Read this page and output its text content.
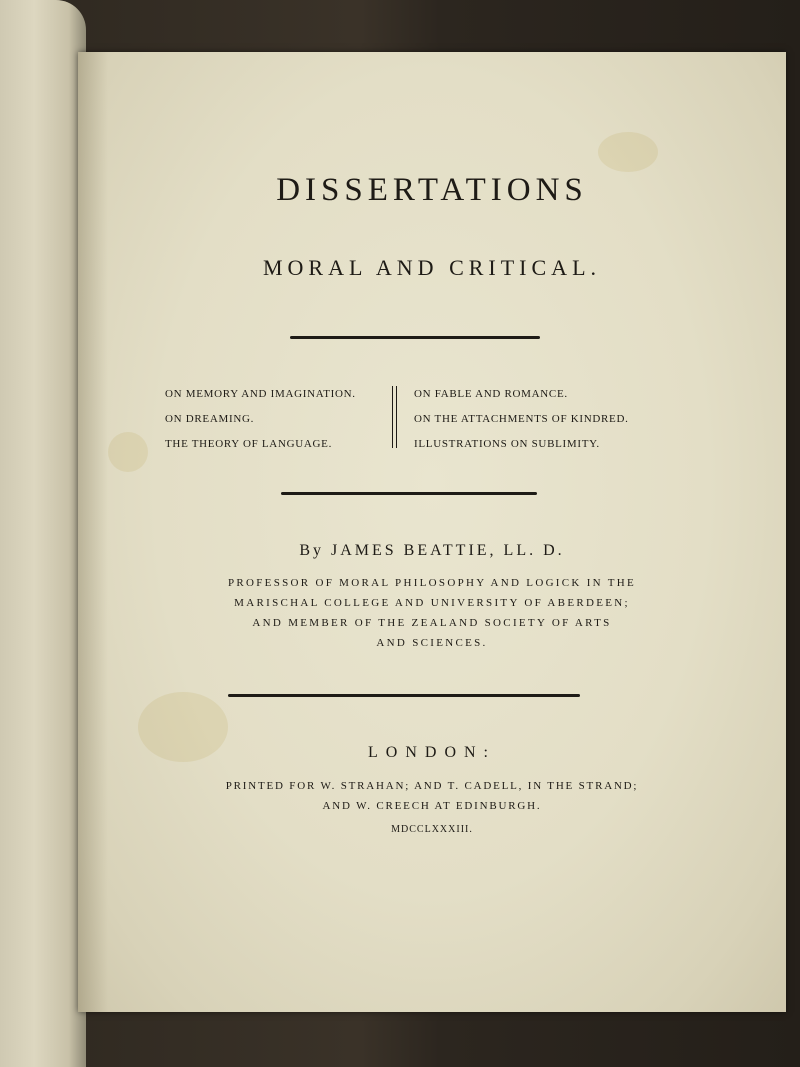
DISSERTATIONS
MORAL AND CRITICAL.
ON MEMORY AND IMAGINATION.
ON DREAMING.
THE THEORY OF LANGUAGE.
ON FABLE AND ROMANCE.
ON THE ATTACHMENTS OF KINDRED.
ILLUSTRATIONS ON SUBLIMITY.
By JAMES BEATTIE, LL. D.
PROFESSOR OF MORAL PHILOSOPHY AND LOGICK IN THE
MARISCHAL COLLEGE AND UNIVERSITY OF ABERDEEN;
AND MEMBER OF THE ZEALAND SOCIETY OF ARTS
AND SCIENCES.
LONDON:
PRINTED FOR W. STRAHAN; AND T. CADELL, IN THE STRAND;
AND W. CREECH AT EDINBURGH.
MDCCLXXXIII.
